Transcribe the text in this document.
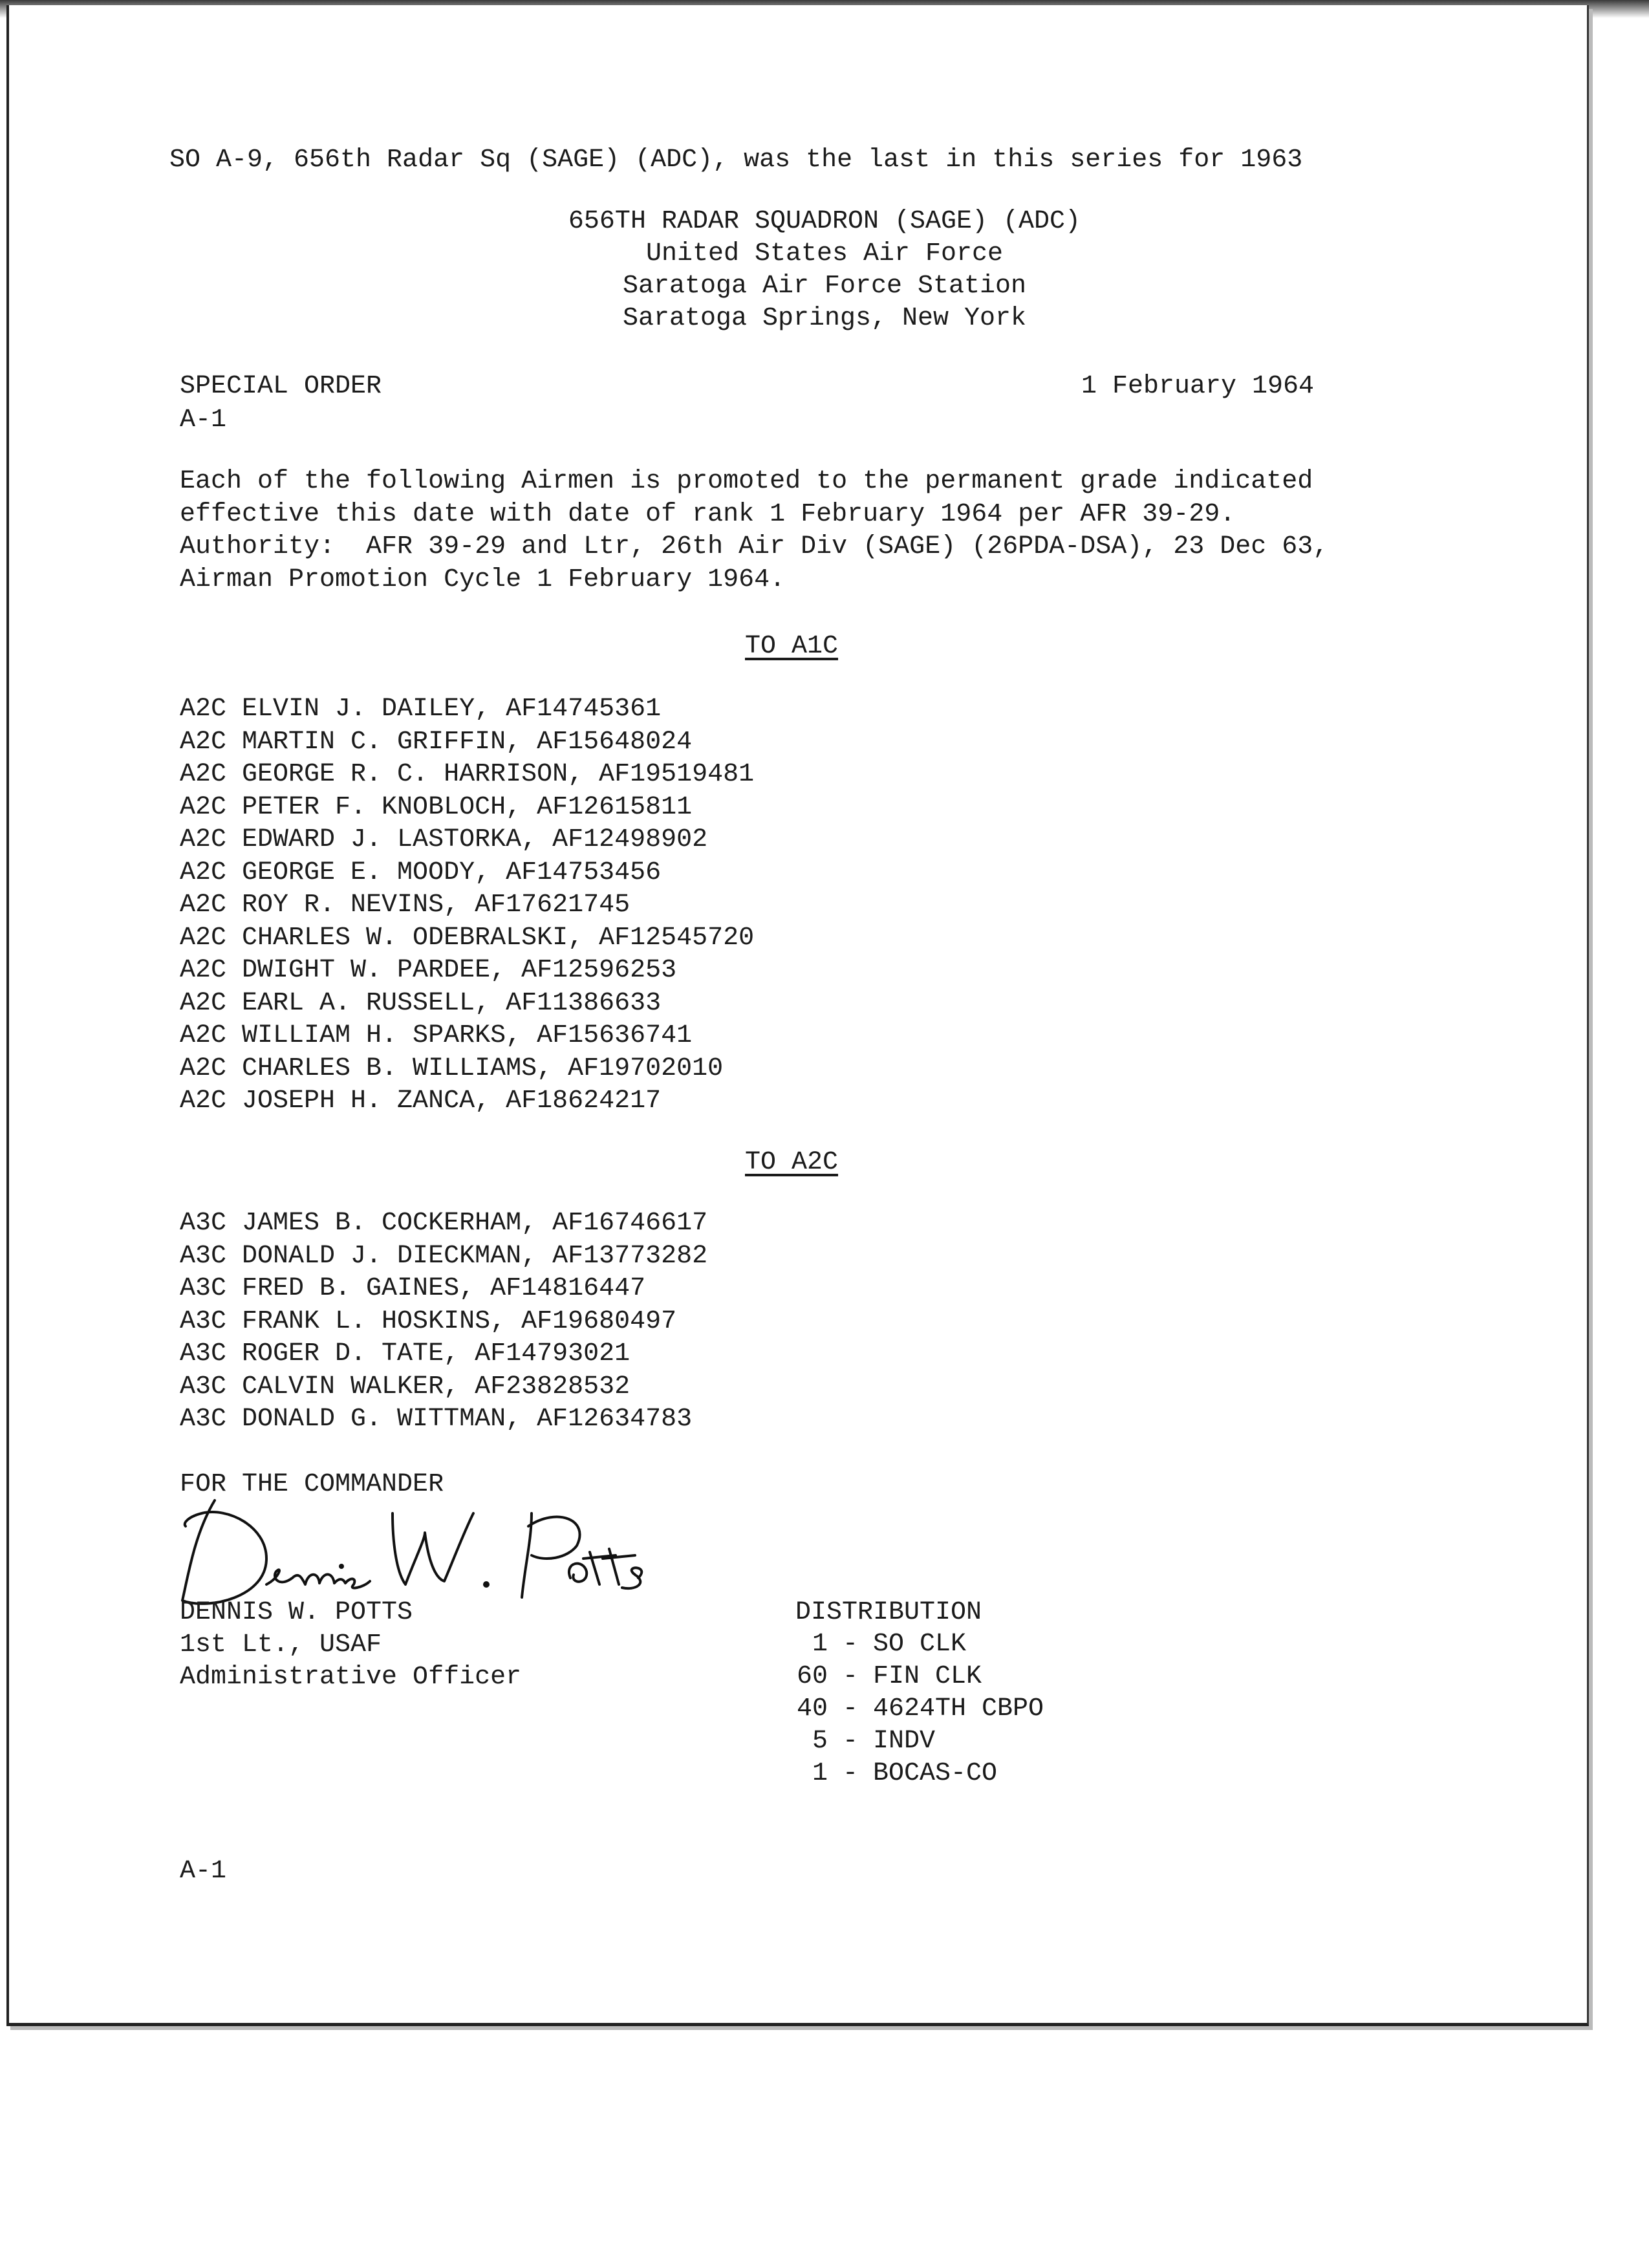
SO A-9, 656th Radar Sq (SAGE) (ADC), was the last in this series for 1963
656TH RADAR SQUADRON (SAGE) (ADC)
United States Air Force
Saratoga Air Force Station
Saratoga Springs, New York
SPECIAL ORDER	1 February 1964
A-1
Each of the following Airmen is promoted to the permanent grade indicated
effective this date with date of rank 1 February 1964 per AFR 39-29.
Authority:  AFR 39-29 and Ltr, 26th Air Div (SAGE) (26PDA-DSA), 23 Dec 63,
Airman Promotion Cycle 1 February 1964.
TO A1C
A2C ELVIN J. DAILEY, AF14745361
A2C MARTIN C. GRIFFIN, AF15648024
A2C GEORGE R. C. HARRISON, AF19519481
A2C PETER F. KNOBLOCH, AF12615811
A2C EDWARD J. LASTORKA, AF12498902
A2C GEORGE E. MOODY, AF14753456
A2C ROY R. NEVINS, AF17621745
A2C CHARLES W. ODEBRALSKI, AF12545720
A2C DWIGHT W. PARDEE, AF12596253
A2C EARL A. RUSSELL, AF11386633
A2C WILLIAM H. SPARKS, AF15636741
A2C CHARLES B. WILLIAMS, AF19702010
A2C JOSEPH H. ZANCA, AF18624217
TO A2C
A3C JAMES B. COCKERHAM, AF16746617
A3C DONALD J. DIECKMAN, AF13773282
A3C FRED B. GAINES, AF14816447
A3C FRANK L. HOSKINS, AF19680497
A3C ROGER D. TATE, AF14793021
A3C CALVIN WALKER, AF23828532
A3C DONALD G. WITTMAN, AF12634783
FOR THE COMMANDER
DENNIS W. POTTS
1st Lt., USAF
Administrative Officer
DISTRIBUTION
1 - SO CLK
60 - FIN CLK
40 - 4624TH CBPO
5 - INDV
1 - BOCAS-CO
A-1
